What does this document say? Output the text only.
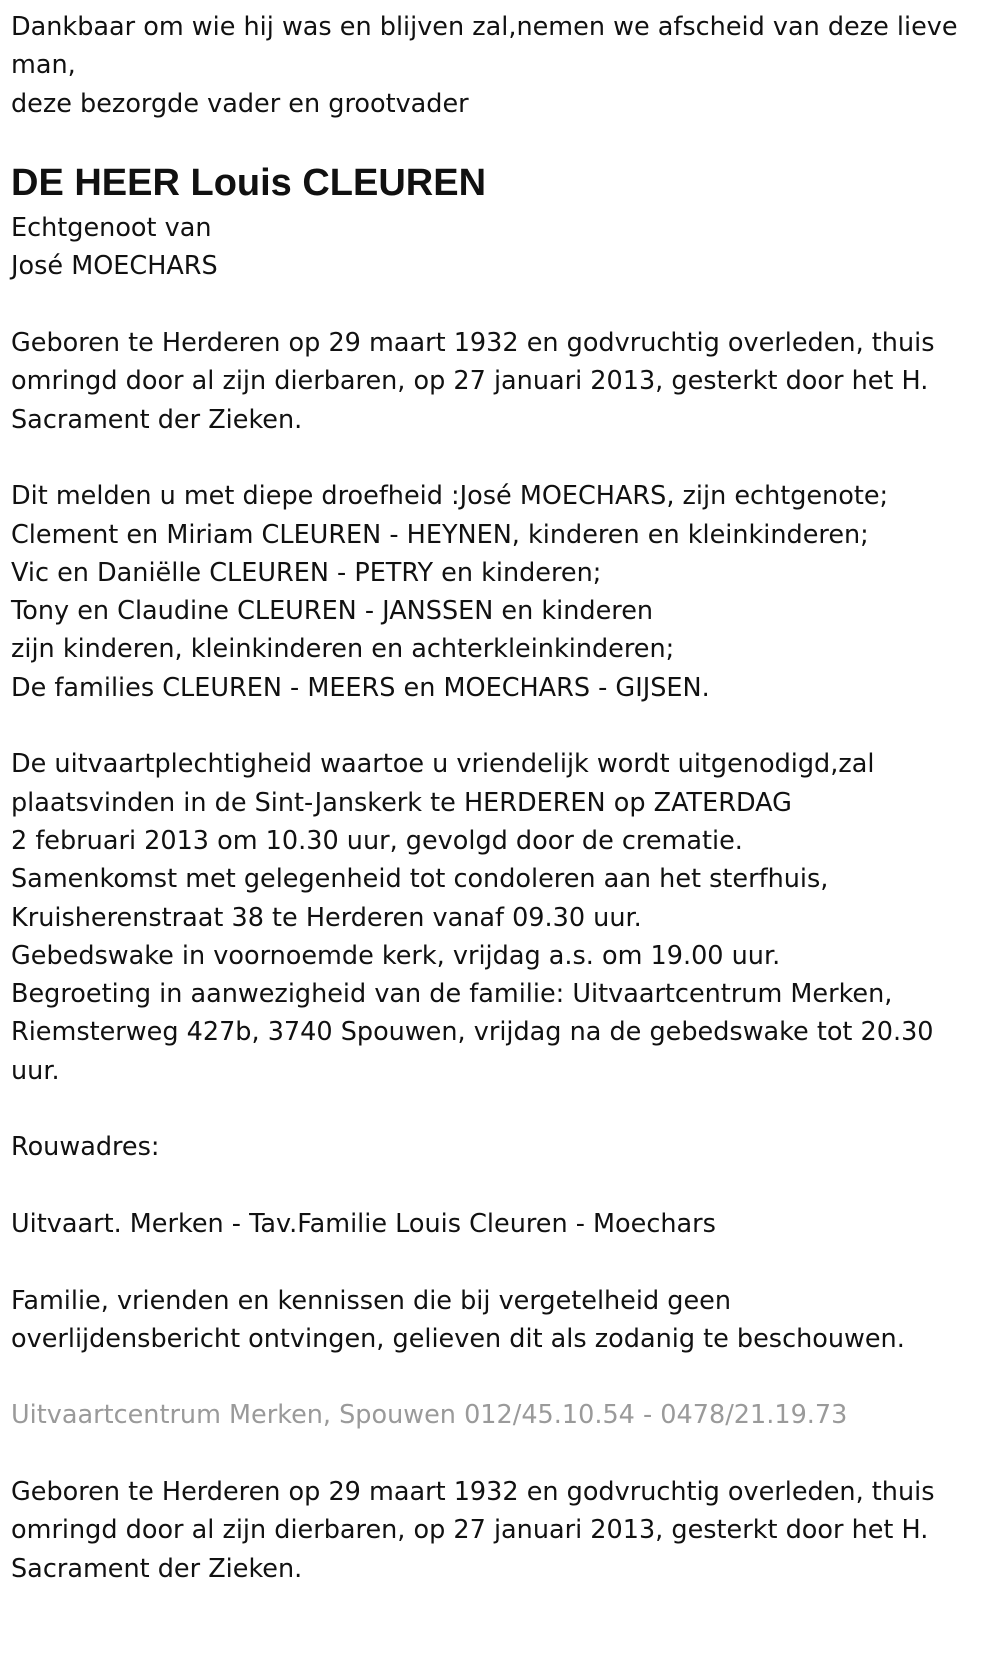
Dankbaar om wie hij was en blijven zal,nemen we afscheid van deze lieve

man,

deze bezorgde vader en grootvader

DE HEER Louis CLEUREN

Echtgenoot van

José MOECHARS

Geboren te Herderen op 29 maart 1932 en godvruchtig overleden, thuis

omringd door al zijn dierbaren, op 27 januari 2013, gesterkt door het H.

Sacrament der Zieken.

Dit melden u met diepe droefheid :José MOECHARS, zijn echtgenote;

Clement en Miriam CLEUREN - HEYNEN, kinderen en kleinkinderen;

Vic en Daniëlle CLEUREN - PETRY en kinderen;

Tony en Claudine CLEUREN - JANSSEN en kinderen

zijn kinderen, kleinkinderen en achterkleinkinderen;

De families CLEUREN - MEERS en MOECHARS - GIJSEN.

De uitvaartplechtigheid waartoe u vriendelijk wordt uitgenodigd,zal

plaatsvinden in de Sint-Janskerk te HERDEREN op ZATERDAG

2 februari 2013 om 10.30 uur, gevolgd door de crematie.

Samenkomst met gelegenheid tot condoleren aan het sterfhuis,

Kruisherenstraat 38 te Herderen vanaf 09.30 uur.

Gebedswake in voornoemde kerk, vrijdag a.s. om 19.00 uur.

Begroeting in aanwezigheid van de familie: Uitvaartcentrum Merken,

Riemsterweg 427b, 3740 Spouwen, vrijdag na de gebedswake tot 20.30

uur.

Rouwadres:

Uitvaart. Merken - Tav.Familie Louis Cleuren - Moechars

Familie, vrienden en kennissen die bij vergetelheid geen

overlijdensbericht ontvingen, gelieven dit als zodanig te beschouwen.

Uitvaartcentrum Merken, Spouwen 012/45.10.54 - 0478/21.19.73

Geboren te Herderen op 29 maart 1932 en godvruchtig overleden, thuis

omringd door al zijn dierbaren, op 27 januari 2013, gesterkt door het H.

Sacrament der Zieken.
